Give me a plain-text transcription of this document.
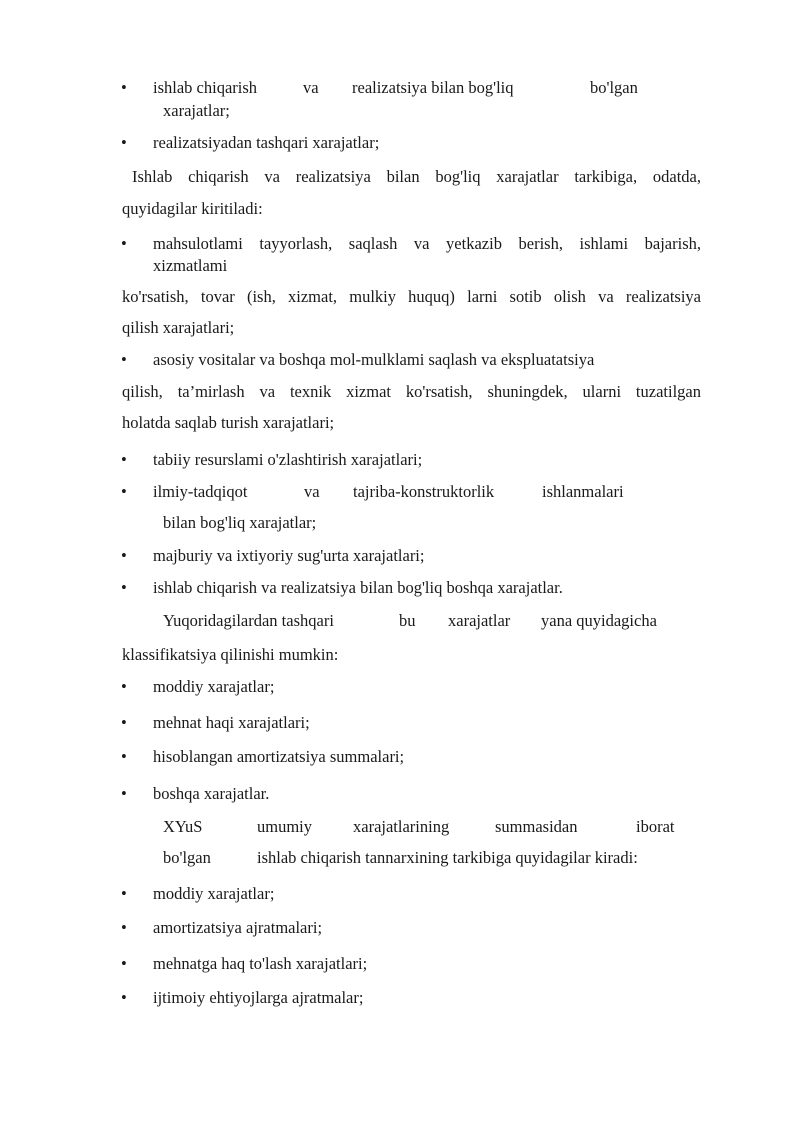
• ishlab chiqarish	va realizatsiya bilan bog'liq	bo'lgan
xarajatlar;
• realizatsiyadan tashqari xarajatlar;
Ishlab chiqarish va realizatsiya bilan bog'liq xarajatlar tarkibiga, odatda,
quyidagilar kiritiladi:
• mahsulotlami tayyorlash, saqlash va yetkazib berish, ishlami bajarish,
xizmatlami
ko'rsatish, tovar (ish, xizmat, mulkiy huquq) larni sotib olish va realizatsiya
qilish xarajatlari;
• asosiy vositalar va boshqa mol-mulklami saqlash va ekspluatatsiya
qilish, ta’mirlash va texnik xizmat ko'rsatish, shuningdek, ularni tuzatilgan
holatda saqlab turish xarajatlari;
• tabiiy resurslami o'zlashtirish xarajatlari;
• ilmiy-tadqiqot	va tajriba-konstruktorlik	ishlanmalari
bilan bog'liq xarajatlar;
• majburiy va ixtiyoriy sug'urta xarajatlari;
• ishlab chiqarish va realizatsiya bilan bog'liq boshqa xarajatlar.
Yuqoridagilardan tashqari	bu xarajatlar yana quyidagicha
klassifikatsiya qilinishi mumkin:
• moddiy xarajatlar;
• mehnat haqi xarajatlari;
• hisoblangan amortizatsiya summalari;
• boshqa xarajatlar.
XYuS	umumiy xarajatlarining	summasidan	iborat
bo'lgan	ishlab chiqarish tannarxining tarkibiga quyidagilar kiradi:
• moddiy xarajatlar;
• amortizatsiya ajratmalari;
• mehnatga haq to'lash xarajatlari;
• ijtimoiy ehtiyojlarga ajratmalar;
